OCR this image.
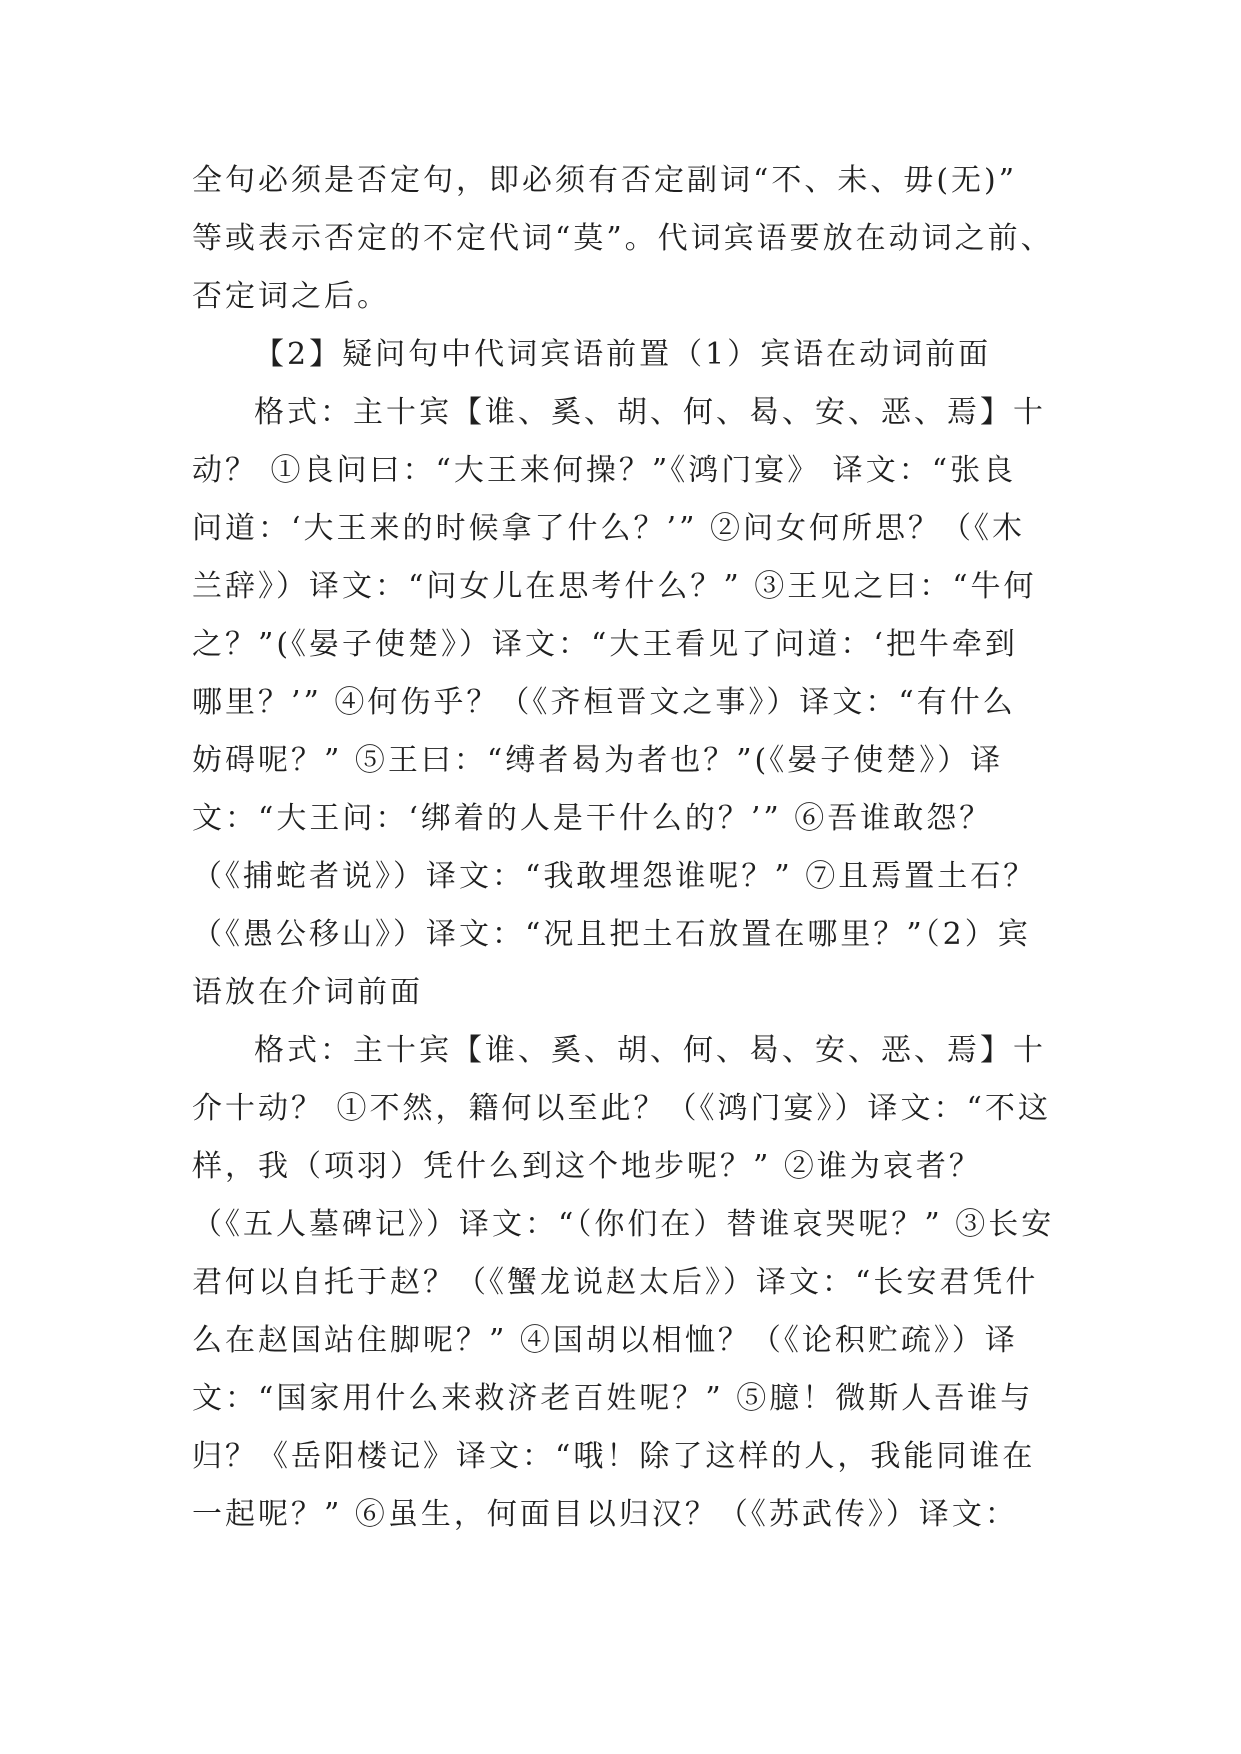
全句必须是否定句，即必须有否定副词“不、未、毋(无)”
等或表示否定的不定代词“莫”。代词宾语要放在动词之前、
否定词之后。
【2】疑问句中代词宾语前置（1）宾语在动词前面
格式：主十宾【谁、奚、胡、何、曷、安、恶、焉】十
动？ ①良问曰：“大王来何操？”《鸿门宴》 译文：“张良
问道：‘大王来的时候拿了什么？’” ②问女何所思？（《木
兰辞》）译文：“问女儿在思考什么？” ③王见之曰：“牛何
之？”(《晏子使楚》）译文：“大王看见了问道：‘把牛牵到
哪里？’” ④何伤乎？（《齐桓晋文之事》）译文：“有什么
妨碍呢？” ⑤王曰：“缚者曷为者也？”(《晏子使楚》）译
文：“大王问：‘绑着的人是干什么的？’” ⑥吾谁敢怨？
（《捕蛇者说》）译文：“我敢埋怨谁呢？” ⑦且焉置土石？
（《愚公移山》）译文：“况且把土石放置在哪里？”（2）宾
语放在介词前面
格式：主十宾【谁、奚、胡、何、曷、安、恶、焉】十
介十动？ ①不然，籍何以至此？（《鸿门宴》）译文：“不这
样，我（项羽）凭什么到这个地步呢？” ②谁为哀者？
（《五人墓碑记》）译文：“（你们在）替谁哀哭呢？” ③长安
君何以自托于赵？（《蟹龙说赵太后》）译文：“长安君凭什
么在赵国站住脚呢？” ④国胡以相恤？（《论积贮疏》）译
文：“国家用什么来救济老百姓呢？” ⑤臆！微斯人吾谁与
归？《岳阳楼记》译文：“哦！除了这样的人，我能同谁在
一起呢？” ⑥虽生，何面目以归汉？（《苏武传》）译文：
